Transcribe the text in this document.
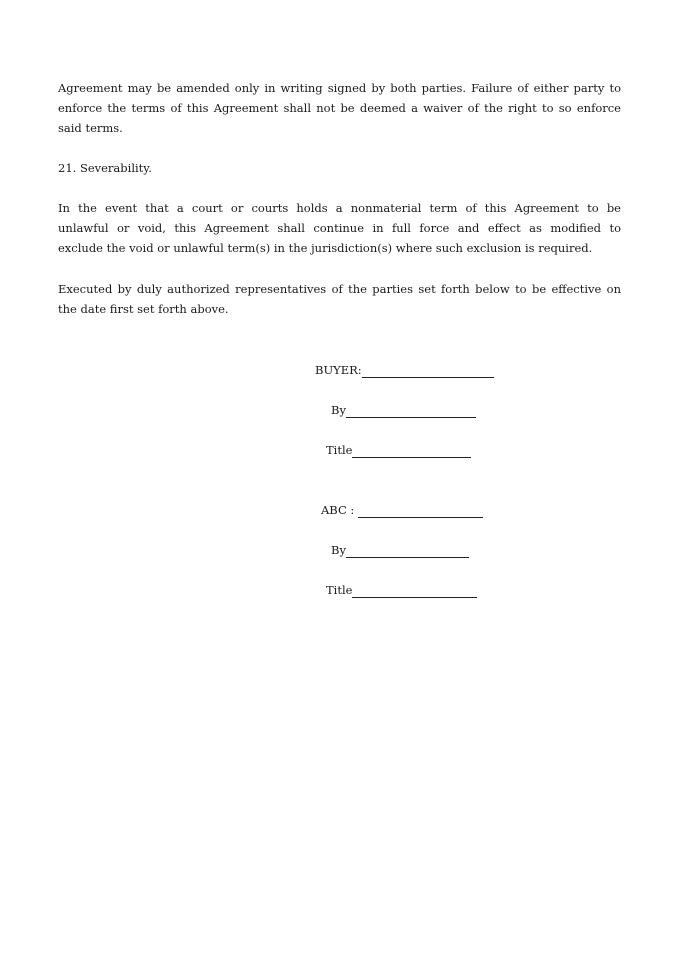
Agreement may be amended only in writing signed by both parties. Failure of either party to
enforce the terms of this Agreement shall not be deemed a waiver of the right to so enforce
said terms.
21. Severability.
In the event that a court or courts holds a nonmaterial term of this Agreement to be
unlawful or void, this Agreement shall continue in full force and effect as modified to
exclude the void or unlawful term(s) in the jurisdiction(s) where such exclusion is required.
Executed by duly authorized representatives of the parties set forth below to be effective on
the date first set forth above.
BUYER:
By
Title
ABC :
By
Title
